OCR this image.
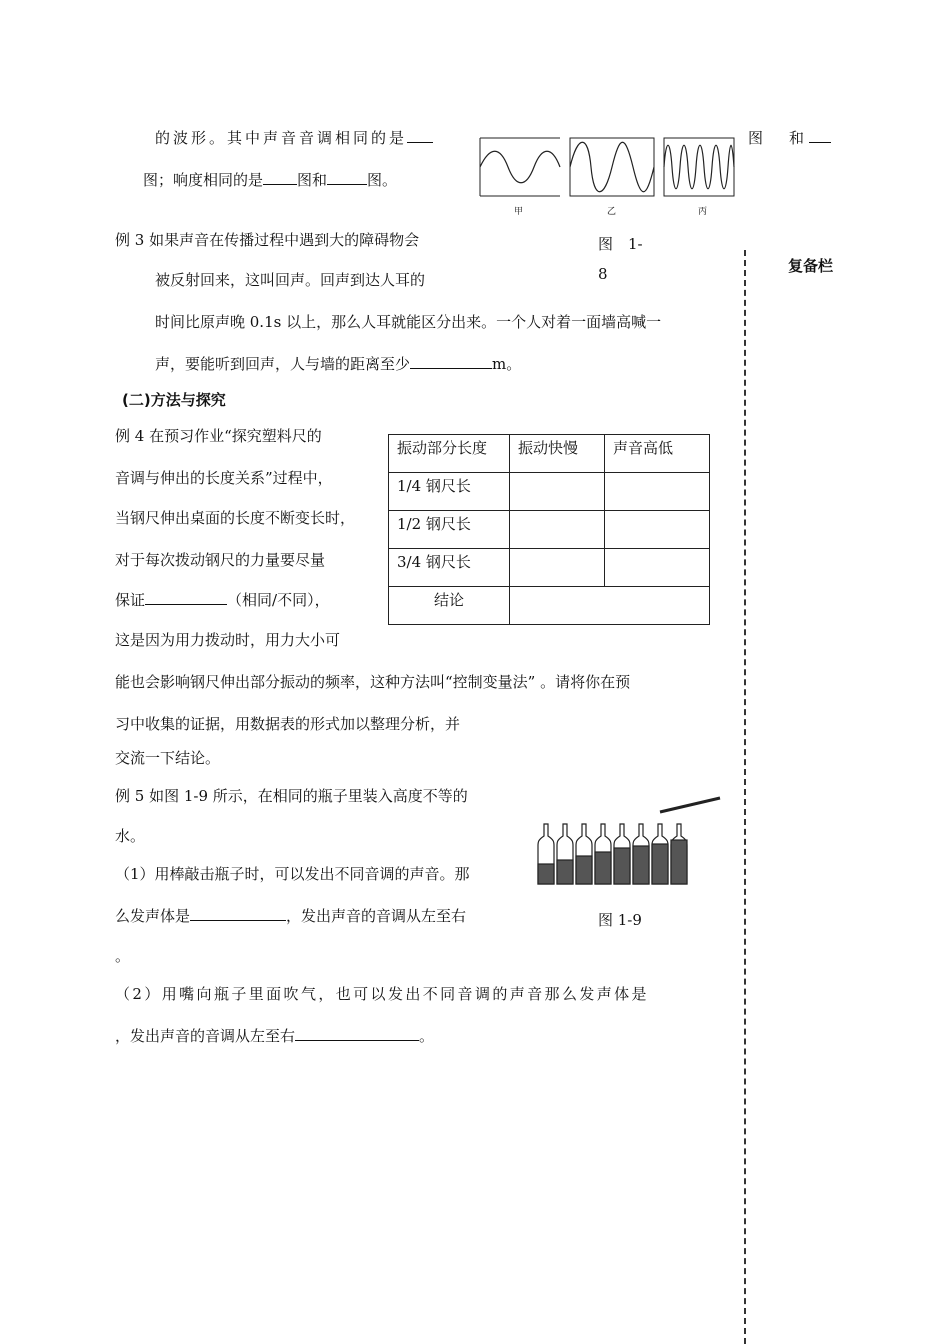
的波形。其中声音音调相同的是	图 和
图；响度相同的是 图和	图。
甲	乙	丙
图　1-
8	复备栏
例 3 如果声音在传播过程中遇到大的障碍物会
被反射回来，这叫回声。回声到达人耳的
时间比原声晚 0.1s 以上，那么人耳就能区分出来。一个人对着一面墙高喊一
声，要能听到回声，人与墙的距离至少	m。
(二)方法与探究
例 4 在预习作业“探究塑料尺的
音调与伸出的长度关系”过程中，
当钢尺伸出桌面的长度不断变长时，
对于每次拨动钢尺的力量要尽量
保证	（相同/不同），
这是因为用力拨动时，用力大小可
能也会影响钢尺伸出部分振动的频率，这种方法叫“控制变量法” 。请将你在预
习中收集的证据，用数据表的形式加以整理分析，并
交流一下结论。
振动部分长度	振动快慢	声音高低
1/4 钢尺长		
1/2 钢尺长		
3/4 钢尺长		
结论		
例 5 如图 1-9 所示，在相同的瓶子里装入高度不等的
水。
（1）用棒敲击瓶子时，可以发出不同音调的声音。那
么发声体是	，发出声音的音调从左至右
。
（2）用嘴向瓶子里面吹气，也可以发出不同音调的声音那么发声体是
，发出声音的音调从左至右	。
图 1-9
